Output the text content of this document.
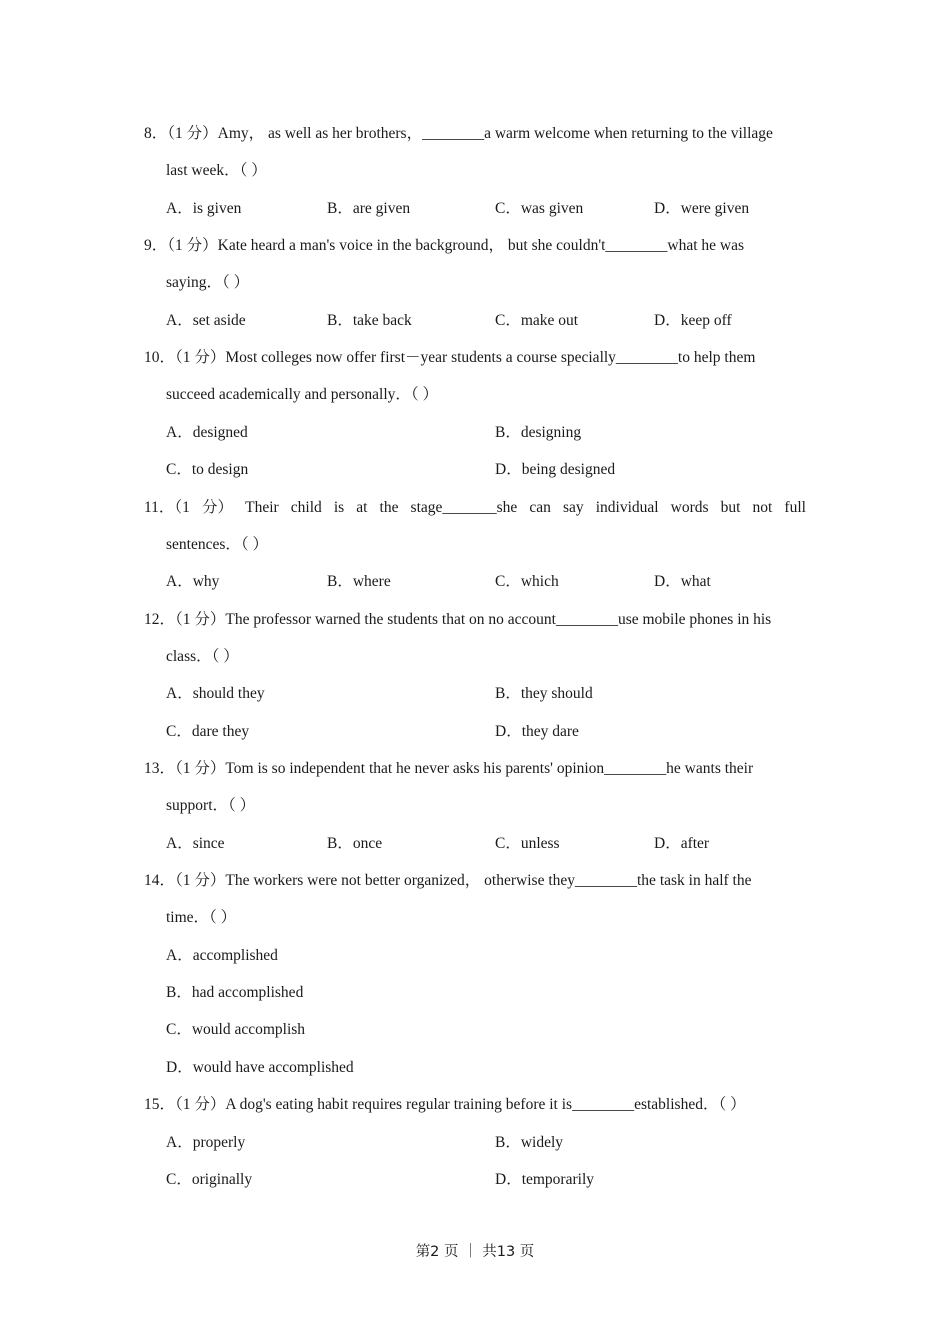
8．（1 分）Amy， as well as her brothers，________a warm welcome when returning to the village
last week．（ ）
A．is given	B．are given	C．was given	D．were given
9．（1 分）Kate heard a man's voice in the background， but she couldn't________what he was
saying．（ ）
A．set aside	B．take back	C．make out	D．keep off
10．（1 分）Most colleges now offer first－year students a course specially________to help them
succeed academically and personally．（ ）
A．designed	B．designing
C．to design	D．being designed
11．（1 分） Their child is at the stage_______she can say individual words but not full
sentences．（ ）
A．why	B．where	C．which	D．what
12．（1 分）The professor warned the students that on no account________use mobile phones in his
class．（ ）
A．should they	B．they should
C．dare they	D．they dare
13．（1 分）Tom is so independent that he never asks his parents' opinion________he wants their
support．（ ）
A．since	B．once	C．unless	D．after
14．（1 分）The workers were not better organized， otherwise they________the task in half the
time．（ ）
A．accomplished
B．had accomplished
C．would accomplish
D．would have accomplished
15．（1 分）A dog's eating habit requires regular training before it is________established．（ ）
A．properly	B．widely
C．originally	D．temporarily
第2 页 ｜ 共13 页
